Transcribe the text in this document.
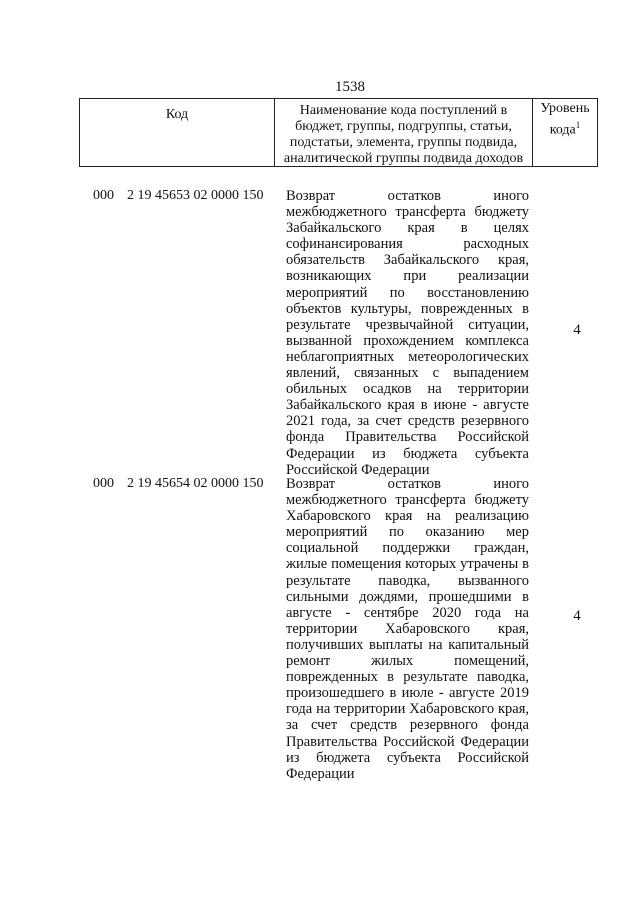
1538
Код	Наименование кода поступлений в бюджет, группы, подгруппы, статьи, подстатьи, элемента, группы подвида, аналитической группы подвида доходов
Уровень кода$^1$
000 2 19 45653 02 0000 150 Возврат остатков иного межбюджетного трансферта бюджету Забайкальского края в целях софинансирования расходных обязательств Забайкальского края, возникающих при реализации мероприятий по восстановлению объектов культуры, поврежденных в результате чрезвычайной ситуации, вызванной прохождением комплекса неблагоприятных метеорологических явлений, связанных с выпадением обильных осадков на территории Забайкальского края в июне - августе 2021 года, за счет средств резервного фонда Правительства Российской Федерации из бюджета субъекта Российской Федерации
4
000 2 19 45654 02 0000 150 Возврат остатков иного межбюджетного трансферта бюджету Хабаровского края на реализацию мероприятий по оказанию мер социальной поддержки граждан, жилые помещения которых утрачены в результате паводка, вызванного сильными дождями, прошедшими в августе - сентябре 2020 года на территории Хабаровского края, получивших выплаты на капитальный ремонт жилых помещений, поврежденных в результате паводка, произошедшего в июле - августе 2019 года на территории Хабаровского края, за счет средств резервного фонда Правительства Российской Федерации из бюджета субъекта Российской Федерации
4
